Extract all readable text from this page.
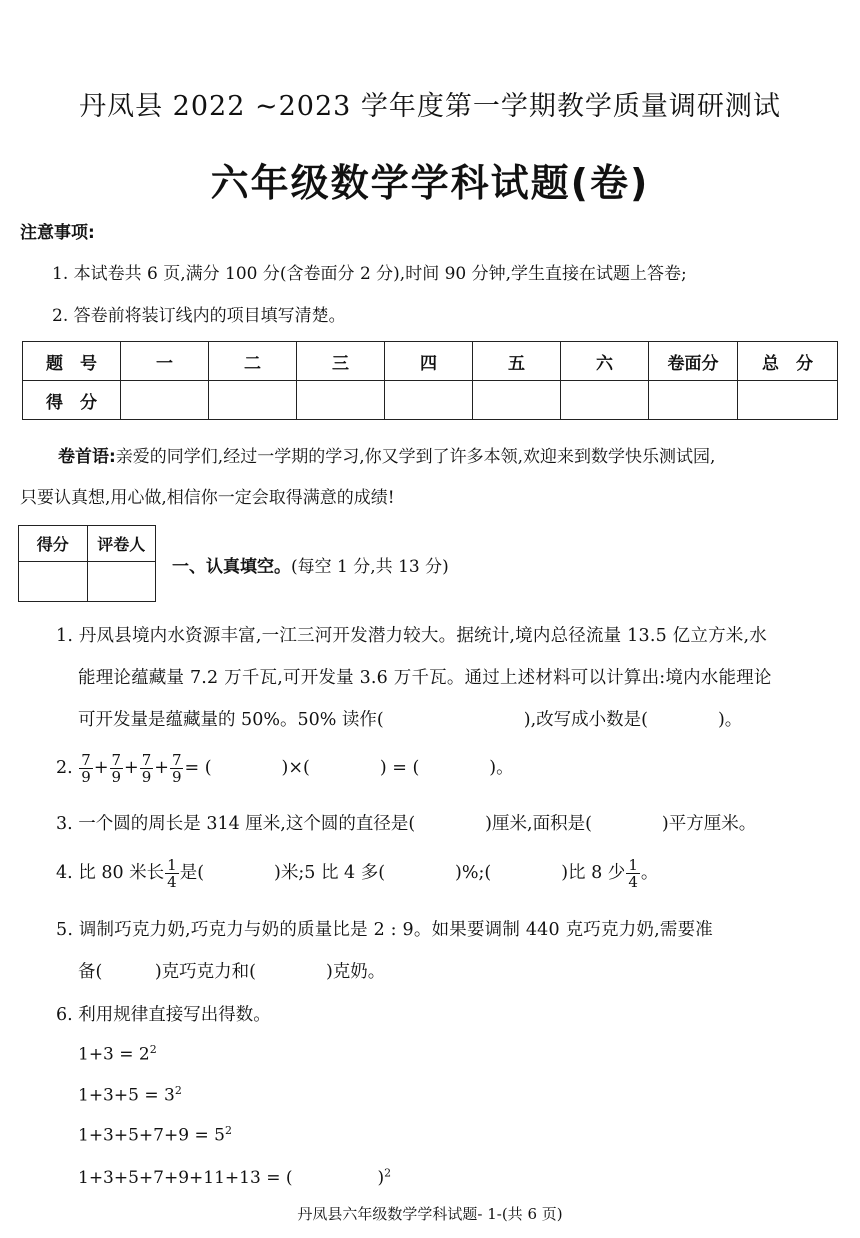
丹凤县 2022 ~2023 学年度第一学期教学质量调研测试
六年级数学学科试题(卷)
注意事项:
1. 本试卷共 6 页,满分 100 分(含卷面分 2 分),时间 90 分钟,学生直接在试题上答卷;
2. 答卷前将装订线内的项目填写清楚。
题　号	一	二	三	四	五	六	卷面分	总　分
得　分								
卷首语:亲爱的同学们,经过一学期的学习,你又学到了许多本领,欢迎来到数学快乐测试园,
只要认真想,用心做,相信你一定会取得满意的成绩!
得分	评卷人

一、认真填空。(每空 1 分,共 13 分)
1. 丹凤县境内水资源丰富,一江三河开发潜力较大。据统计,境内总径流量 13.5 亿立方米,水
能理论蕴藏量 7.2 万千瓦,可开发量 3.6 万千瓦。通过上述材料可以计算出:境内水能理论
可开发量是蕴藏量的 50%。50% 读作(　　　　　　　　),改写成小数是(　　　　)。
2. $\frac{7}{9} + \frac{7}{9} + \frac{7}{9} + \frac{7}{9}$ = (　　　　)×(　　　　) = (　　　　)。
3. 一个圆的周长是 314 厘米,这个圆的直径是(　　　　)厘米,面积是(　　　　)平方厘米。
4. 比 80 米长 $\frac{1}{4}$ 是(　　　　)米;5 比 4 多(　　　　)%;(　　　　)比 8 少 $\frac{1}{4}$ 。
5. 调制巧克力奶,巧克力与奶的质量比是 2 : 9。如果要调制 440 克巧克力奶,需要准
备(　　　)克巧克力和(　　　　)克奶。
6. 利用规律直接写出得数。
$1+3 = 2^2$
$1+3+5 = 3^2$
$1+3+5+7+9 = 5^2$
1+3+5+7+9+11+13 = (　　　　　)$^2$
丹凤县六年级数学学科试题- 1-(共 6 页)
